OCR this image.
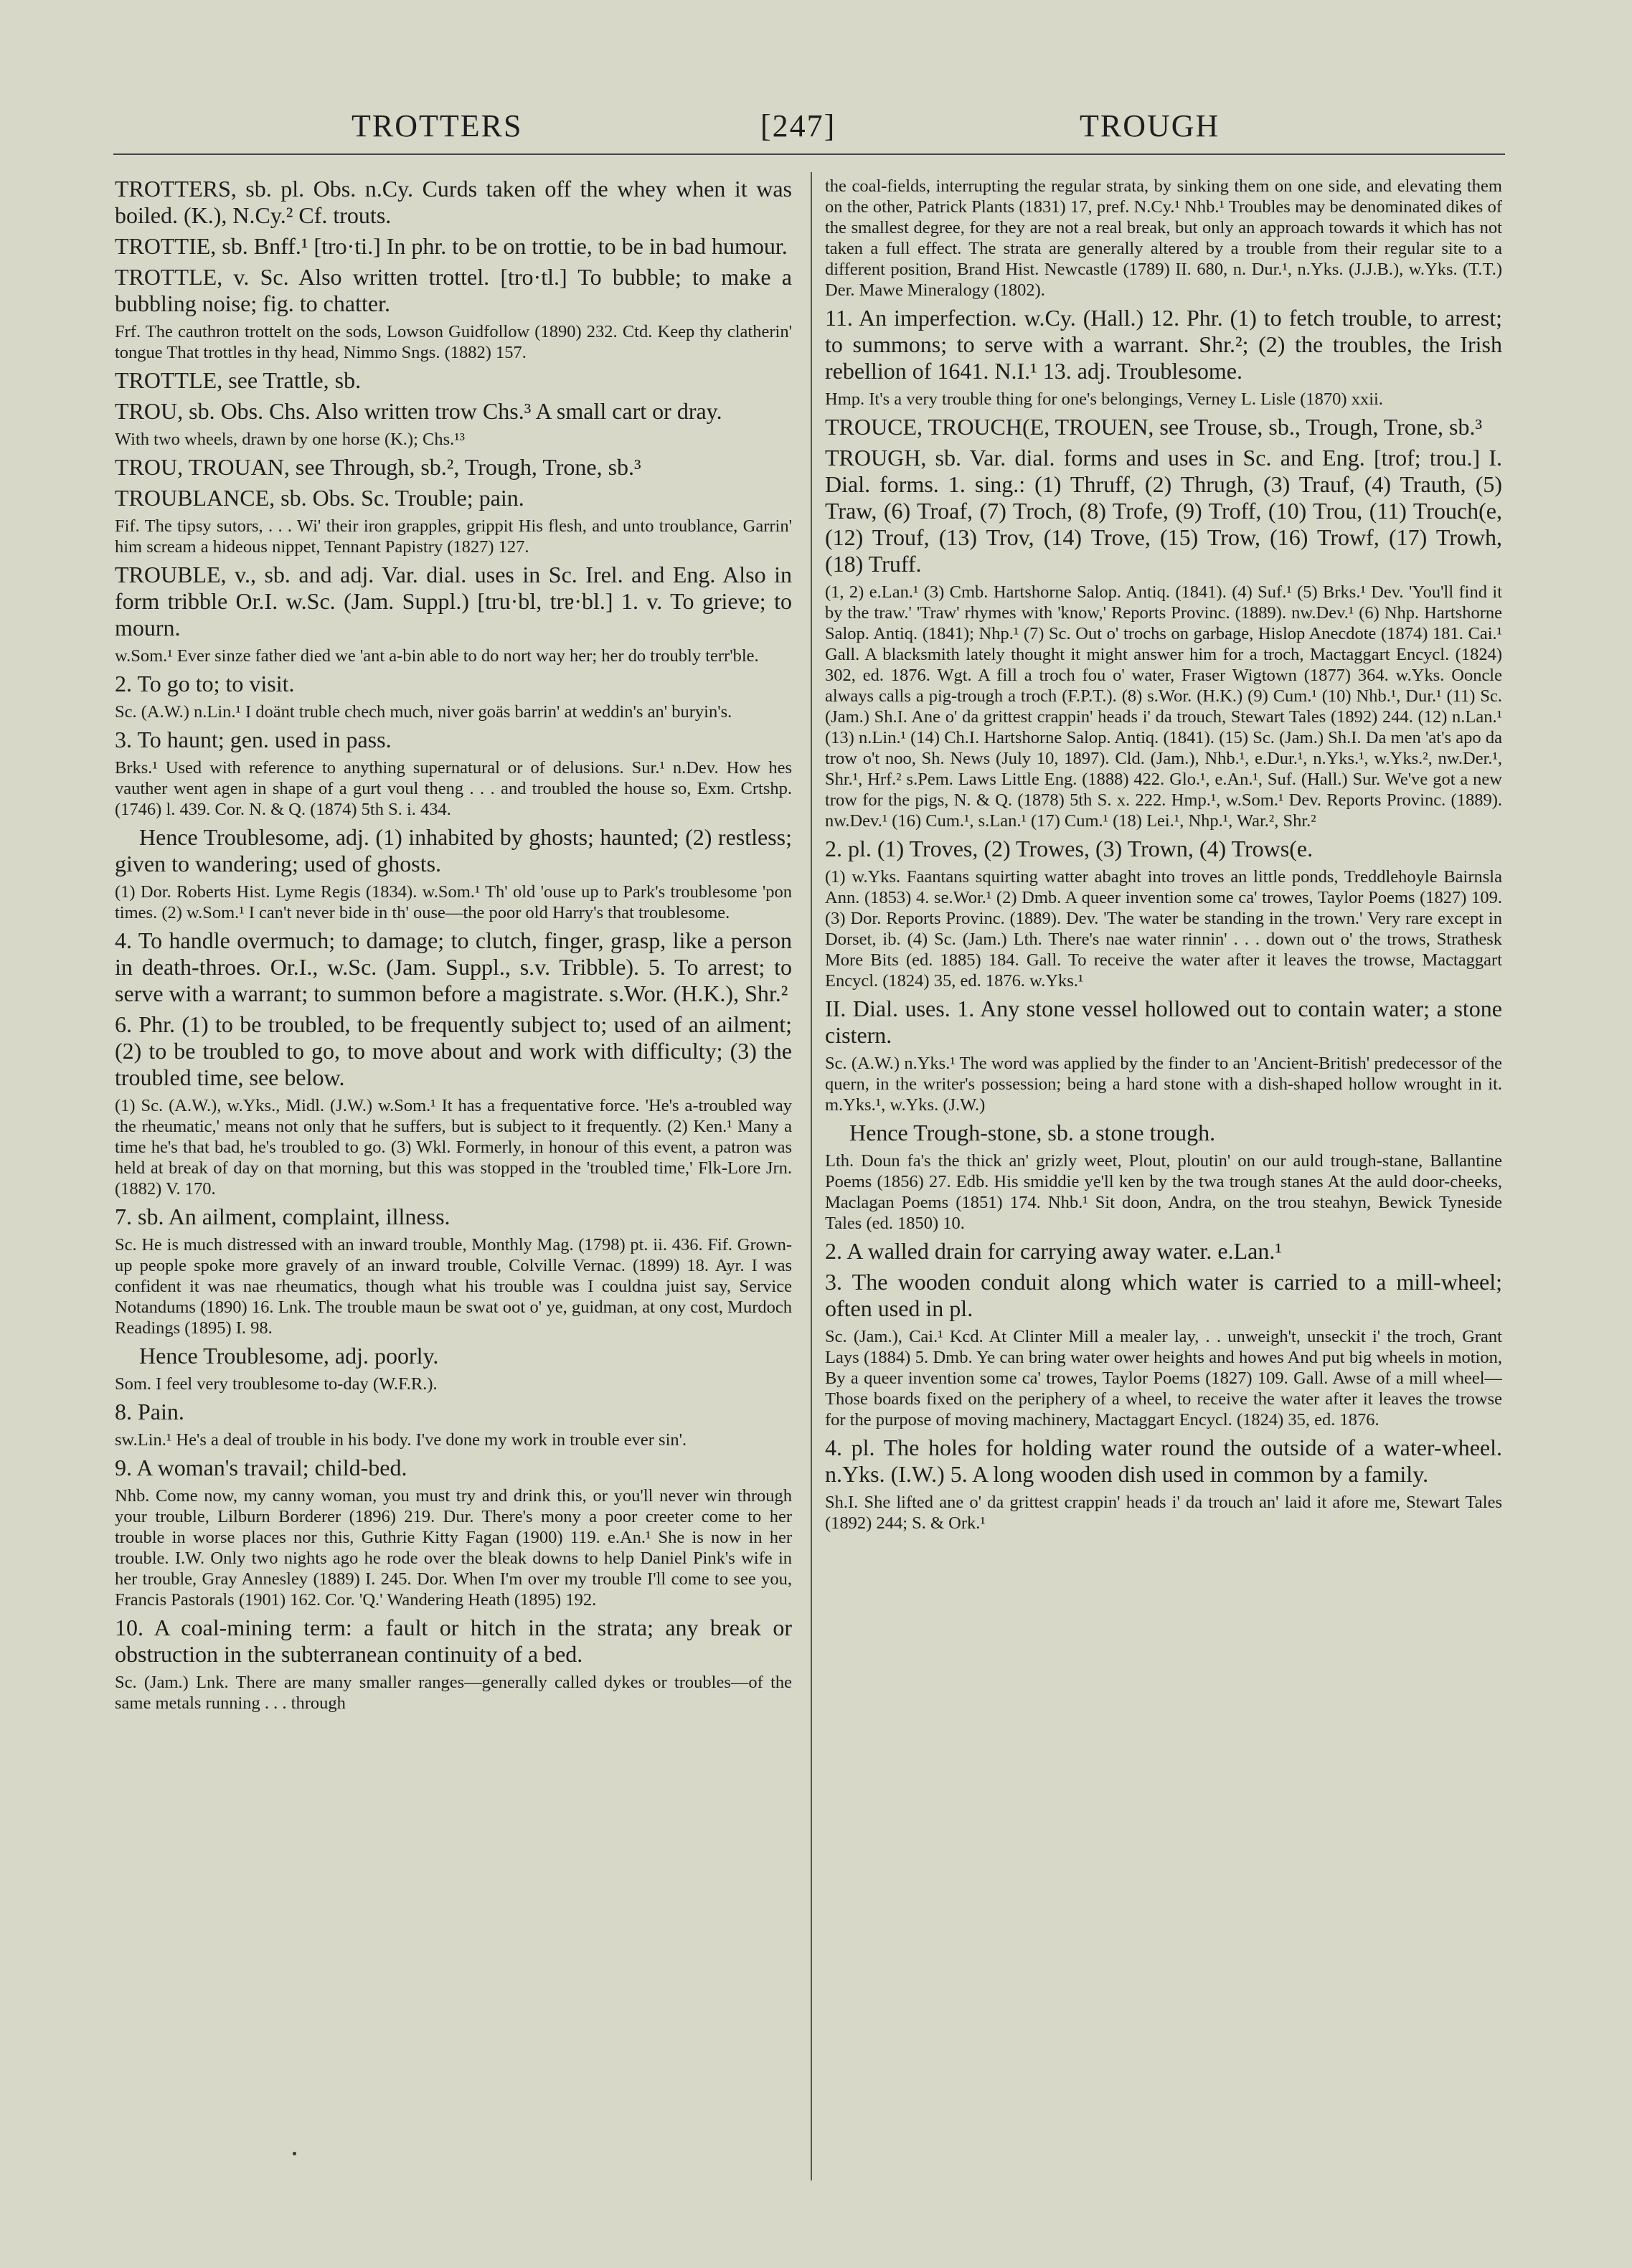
TROTTERS	[247]	TROUGH

TROTTERS, sb. pl. Obs. n.Cy. Curds taken off the whey when it was boiled. (K.), N.Cy.² Cf. trouts.

TROTTIE, sb. Bnff.¹ [tro·ti.] In phr. to be on trottie, to be in bad humour.

TROTTLE, v. Sc. Also written trottel. [tro·tl.] To bubble; to make a bubbling noise; fig. to chatter.

Frf. The cauthron trottelt on the sods, Lowson Guidfollow (1890) 232. Ctd. Keep thy clatherin' tongue That trottles in thy head, Nimmo Sngs. (1882) 157.

TROTTLE, see Trattle, sb.

TROU, sb. Obs. Chs. Also written trow Chs.³ A small cart or dray.

With two wheels, drawn by one horse (K.); Chs.¹³

TROU, TROUAN, see Through, sb.², Trough, Trone, sb.³

TROUBLANCE, sb. Obs. Sc. Trouble; pain.

Fif. The tipsy sutors, . . . Wi' their iron grapples, grippit His flesh, and unto troublance, Garrin' him scream a hideous nippet, Tennant Papistry (1827) 127.

TROUBLE, v., sb. and adj. Var. dial. uses in Sc. Irel. and Eng. Also in form tribble Or.I. w.Sc. (Jam. Suppl.) [tru·bl, trɐ·bl.] 1. v. To grieve; to mourn.

w.Som.¹ Ever sinze father died we 'ant a-bin able to do nort way her; her do troubly terr'ble.

2. To go to; to visit.

Sc. (A.W.) n.Lin.¹ I doänt truble chech much, niver goäs barrin' at weddin's an' buryin's.

3. To haunt; gen. used in pass.

Brks.¹ Used with reference to anything supernatural or of delusions. Sur.¹ n.Dev. How hes vauther went agen in shape of a gurt voul theng . . . and troubled the house so, Exm. Crtshp. (1746) l. 439. Cor. N. & Q. (1874) 5th S. i. 434.

Hence Troublesome, adj. (1) inhabited by ghosts; haunted; (2) restless; given to wandering; used of ghosts.

(1) Dor. Roberts Hist. Lyme Regis (1834). w.Som.¹ Th' old 'ouse up to Park's troublesome 'pon times. (2) w.Som.¹ I can't never bide in th' ouse—the poor old Harry's that troublesome.

4. To handle overmuch; to damage; to clutch, finger, grasp, like a person in death-throes. Or.I., w.Sc. (Jam. Suppl., s.v. Tribble). 5. To arrest; to serve with a warrant; to summon before a magistrate. s.Wor. (H.K.), Shr.²

6. Phr. (1) to be troubled, to be frequently subject to; used of an ailment; (2) to be troubled to go, to move about and work with difficulty; (3) the troubled time, see below.

(1) Sc. (A.W.), w.Yks., Midl. (J.W.) w.Som.¹ It has a frequentative force. 'He's a-troubled way the rheumatic,' means not only that he suffers, but is subject to it frequently. (2) Ken.¹ Many a time he's that bad, he's troubled to go. (3) Wkl. Formerly, in honour of this event, a patron was held at break of day on that morning, but this was stopped in the 'troubled time,' Flk-Lore Jrn. (1882) V. 170.

7. sb. An ailment, complaint, illness.

Sc. He is much distressed with an inward trouble, Monthly Mag. (1798) pt. ii. 436. Fif. Grown-up people spoke more gravely of an inward trouble, Colville Vernac. (1899) 18. Ayr. I was confident it was nae rheumatics, though what his trouble was I couldna juist say, Service Notandums (1890) 16. Lnk. The trouble maun be swat oot o' ye, guidman, at ony cost, Murdoch Readings (1895) I. 98.

Hence Troublesome, adj. poorly.

Som. I feel very troublesome to-day (W.F.R.).

8. Pain.

sw.Lin.¹ He's a deal of trouble in his body. I've done my work in trouble ever sin'.

9. A woman's travail; child-bed.

Nhb. Come now, my canny woman, you must try and drink this, or you'll never win through your trouble, Lilburn Borderer (1896) 219. Dur. There's mony a poor creeter come to her trouble in worse places nor this, Guthrie Kitty Fagan (1900) 119. e.An.¹ She is now in her trouble. I.W. Only two nights ago he rode over the bleak downs to help Daniel Pink's wife in her trouble, Gray Annesley (1889) I. 245. Dor. When I'm over my trouble I'll come to see you, Francis Pastorals (1901) 162. Cor. 'Q.' Wandering Heath (1895) 192.

10. A coal-mining term: a fault or hitch in the strata; any break or obstruction in the subterranean continuity of a bed.

Sc. (Jam.) Lnk. There are many smaller ranges—generally called dykes or troubles—of the same metals running . . . through

the coal-fields, interrupting the regular strata, by sinking them on one side, and elevating them on the other, Patrick Plants (1831) 17, pref. N.Cy.¹ Nhb.¹ Troubles may be denominated dikes of the smallest degree, for they are not a real break, but only an approach towards it which has not taken a full effect. The strata are generally altered by a trouble from their regular site to a different position, Brand Hist. Newcastle (1789) II. 680, n. Dur.¹, n.Yks. (J.J.B.), w.Yks. (T.T.) Der. Mawe Mineralogy (1802).

11. An imperfection. w.Cy. (Hall.) 12. Phr. (1) to fetch trouble, to arrest; to summons; to serve with a warrant. Shr.²; (2) the troubles, the Irish rebellion of 1641. N.I.¹ 13. adj. Troublesome.

Hmp. It's a very trouble thing for one's belongings, Verney L. Lisle (1870) xxii.

TROUCE, TROUCH(E, TROUEN, see Trouse, sb., Trough, Trone, sb.³

TROUGH, sb. Var. dial. forms and uses in Sc. and Eng. [trof; trou.] I. Dial. forms. 1. sing.: (1) Thruff, (2) Thrugh, (3) Trauf, (4) Trauth, (5) Traw, (6) Troaf, (7) Troch, (8) Trofe, (9) Troff, (10) Trou, (11) Trouch(e, (12) Trouf, (13) Trov, (14) Trove, (15) Trow, (16) Trowf, (17) Trowh, (18) Truff.

(1, 2) e.Lan.¹ (3) Cmb. Hartshorne Salop. Antiq. (1841). (4) Suf.¹ (5) Brks.¹ Dev. 'You'll find it by the traw.' 'Traw' rhymes with 'know,' Reports Provinc. (1889). nw.Dev.¹ (6) Nhp. Hartshorne Salop. Antiq. (1841); Nhp.¹ (7) Sc. Out o' trochs on garbage, Hislop Anecdote (1874) 181. Cai.¹ Gall. A blacksmith lately thought it might answer him for a troch, Mactaggart Encycl. (1824) 302, ed. 1876. Wgt. A fill a troch fou o' water, Fraser Wigtown (1877) 364. w.Yks. Ooncle always calls a pig-trough a troch (F.P.T.). (8) s.Wor. (H.K.) (9) Cum.¹ (10) Nhb.¹, Dur.¹ (11) Sc. (Jam.) Sh.I. Ane o' da grittest crappin' heads i' da trouch, Stewart Tales (1892) 244. (12) n.Lan.¹ (13) n.Lin.¹ (14) Ch.I. Hartshorne Salop. Antiq. (1841). (15) Sc. (Jam.) Sh.I. Da men 'at's apo da trow o't noo, Sh. News (July 10, 1897). Cld. (Jam.), Nhb.¹, e.Dur.¹, n.Yks.¹, w.Yks.², nw.Der.¹, Shr.¹, Hrf.² s.Pem. Laws Little Eng. (1888) 422. Glo.¹, e.An.¹, Suf. (Hall.) Sur. We've got a new trow for the pigs, N. & Q. (1878) 5th S. x. 222. Hmp.¹, w.Som.¹ Dev. Reports Provinc. (1889). nw.Dev.¹ (16) Cum.¹, s.Lan.¹ (17) Cum.¹ (18) Lei.¹, Nhp.¹, War.², Shr.²

2. pl. (1) Troves, (2) Trowes, (3) Trown, (4) Trows(e.

(1) w.Yks. Faantans squirting watter abaght into troves an little ponds, Treddlehoyle Bairnsla Ann. (1853) 4. se.Wor.¹ (2) Dmb. A queer invention some ca' trowes, Taylor Poems (1827) 109. (3) Dor. Reports Provinc. (1889). Dev. 'The water be standing in the trown.' Very rare except in Dorset, ib. (4) Sc. (Jam.) Lth. There's nae water rinnin' . . . down out o' the trows, Strathesk More Bits (ed. 1885) 184. Gall. To receive the water after it leaves the trowse, Mactaggart Encycl. (1824) 35, ed. 1876. w.Yks.¹

II. Dial. uses. 1. Any stone vessel hollowed out to contain water; a stone cistern.

Sc. (A.W.) n.Yks.¹ The word was applied by the finder to an 'Ancient-British' predecessor of the quern, in the writer's possession; being a hard stone with a dish-shaped hollow wrought in it. m.Yks.¹, w.Yks. (J.W.)

Hence Trough-stone, sb. a stone trough.

Lth. Doun fa's the thick an' grizly weet, Plout, ploutin' on our auld trough-stane, Ballantine Poems (1856) 27. Edb. His smiddie ye'll ken by the twa trough stanes At the auld door-cheeks, Maclagan Poems (1851) 174. Nhb.¹ Sit doon, Andra, on the trou steahyn, Bewick Tyneside Tales (ed. 1850) 10.

2. A walled drain for carrying away water. e.Lan.¹

3. The wooden conduit along which water is carried to a mill-wheel; often used in pl.

Sc. (Jam.), Cai.¹ Kcd. At Clinter Mill a mealer lay, . . unweigh't, unseckit i' the troch, Grant Lays (1884) 5. Dmb. Ye can bring water ower heights and howes And put big wheels in motion, By a queer invention some ca' trowes, Taylor Poems (1827) 109. Gall. Awse of a mill wheel—Those boards fixed on the periphery of a wheel, to receive the water after it leaves the trowse for the purpose of moving machinery, Mactaggart Encycl. (1824) 35, ed. 1876.

4. pl. The holes for holding water round the outside of a water-wheel. n.Yks. (I.W.) 5. A long wooden dish used in common by a family.

Sh.I. She lifted ane o' da grittest crappin' heads i' da trouch an' laid it afore me, Stewart Tales (1892) 244; S. & Ork.¹
